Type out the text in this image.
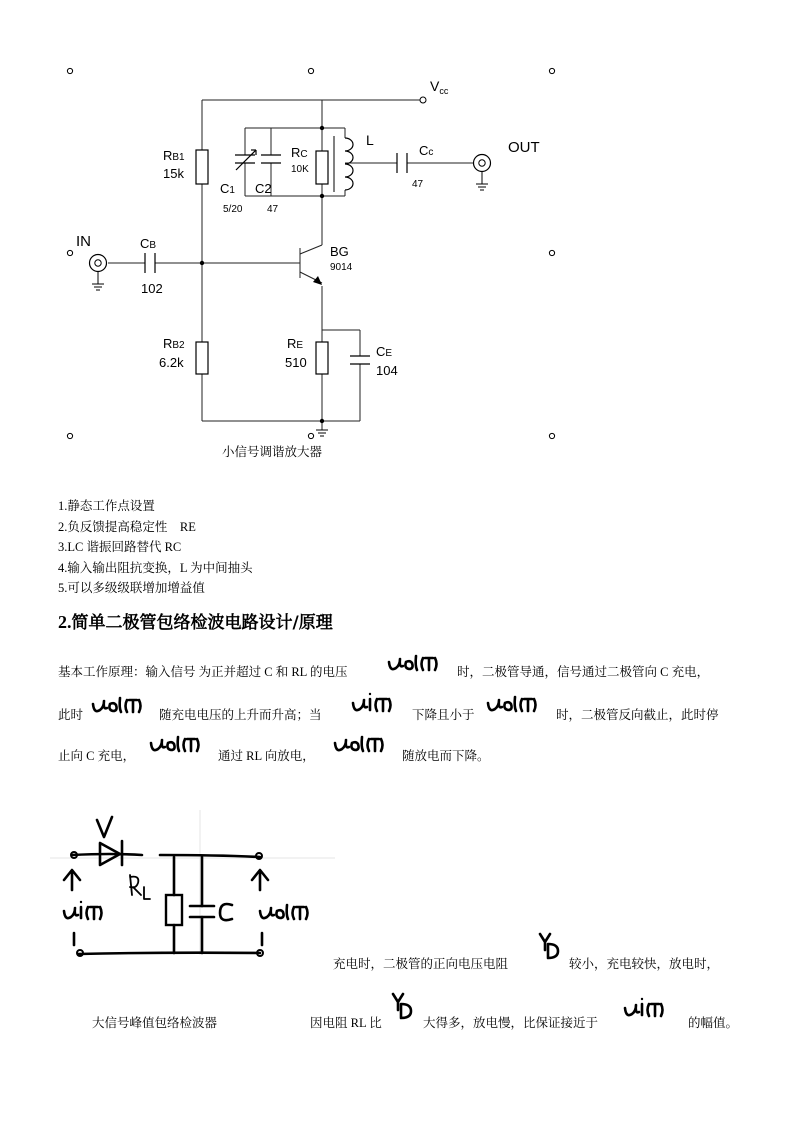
$V_{cc}$
OUT
IN
RB1
15k
RB2
6.2k
RC
10K
L
Cc
47
C1
5/20
C2
47
CB
102
BG
9014
RE
510
CE
104
小信号调谐放大器
1.静态工作点设置
2.负反馈提高稳定性    RE
3.LC 谐振回路替代 RC
4.输入输出阻抗变换，L 为中间抽头
5.可以多级级联增加增益值
2.简单二极管包络检波电路设计/原理
基本工作原理：输入信号 为正并超过 C 和 RL 的电压	时，二极管导通，信号通过二极管向 C 充电，
此时	随充电电压的上升而升高；当	下降且小于	时，二极管反向截止，此时停
止向 C 充电，	通过 RL 向放电，	随放电而下降。
充电时，二极管的正向电压电阻	较小，充电较快，放电时，
大信号峰值包络检波器	因电阻 RL 比	大得多，放电慢，比保证接近于	的幅值。
